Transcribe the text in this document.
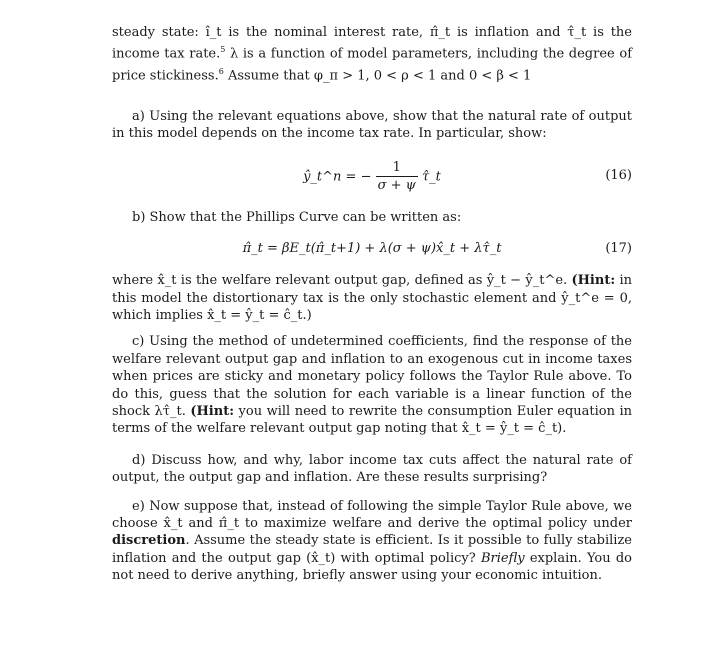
steady state: î_t is the nominal interest rate, π̂_t is inflation and τ̂_t is the income tax rate.$^5$ λ is a function of model parameters, including the degree of price stickiness.$^6$ Assume that φ_π > 1, 0 < ρ < 1 and 0 < β < 1

a) Using the relevant equations above, show that the natural rate of output in this model depends on the income tax rate. In particular, show:

ŷ_t^n = − $\frac{1}{\sigma + \psi}$ τ̂_t	(16)

b) Show that the Phillips Curve can be written as:

π̂_t = βE_t(π̂_t+1) + λ(σ + ψ)x̂_t + λτ̂_t	(17)

where x̂_t is the welfare relevant output gap, defined as ŷ_t − ŷ_t^e. (Hint: in this model the distortionary tax is the only stochastic element and ŷ_t^e = 0, which implies x̂_t = ŷ_t = ĉ_t.)

c) Using the method of undetermined coefficients, find the response of the welfare relevant output gap and inflation to an exogenous cut in income taxes when prices are sticky and monetary policy follows the Taylor Rule above. To do this, guess that the solution for each variable is a linear function of the shock λτ̂_t. (Hint: you will need to rewrite the consumption Euler equation in terms of the welfare relevant output gap noting that x̂_t = ŷ_t = ĉ_t).

d) Discuss how, and why, labor income tax cuts affect the natural rate of output, the output gap and inflation. Are these results surprising?

e) Now suppose that, instead of following the simple Taylor Rule above, we choose x̂_t and π̂_t to maximize welfare and derive the optimal policy under discretion. Assume the steady state is efficient. Is it possible to fully stabilize inflation and the output gap (x̂_t) with optimal policy? Briefly explain. You do not need to derive anything, briefly answer using your economic intuition.
